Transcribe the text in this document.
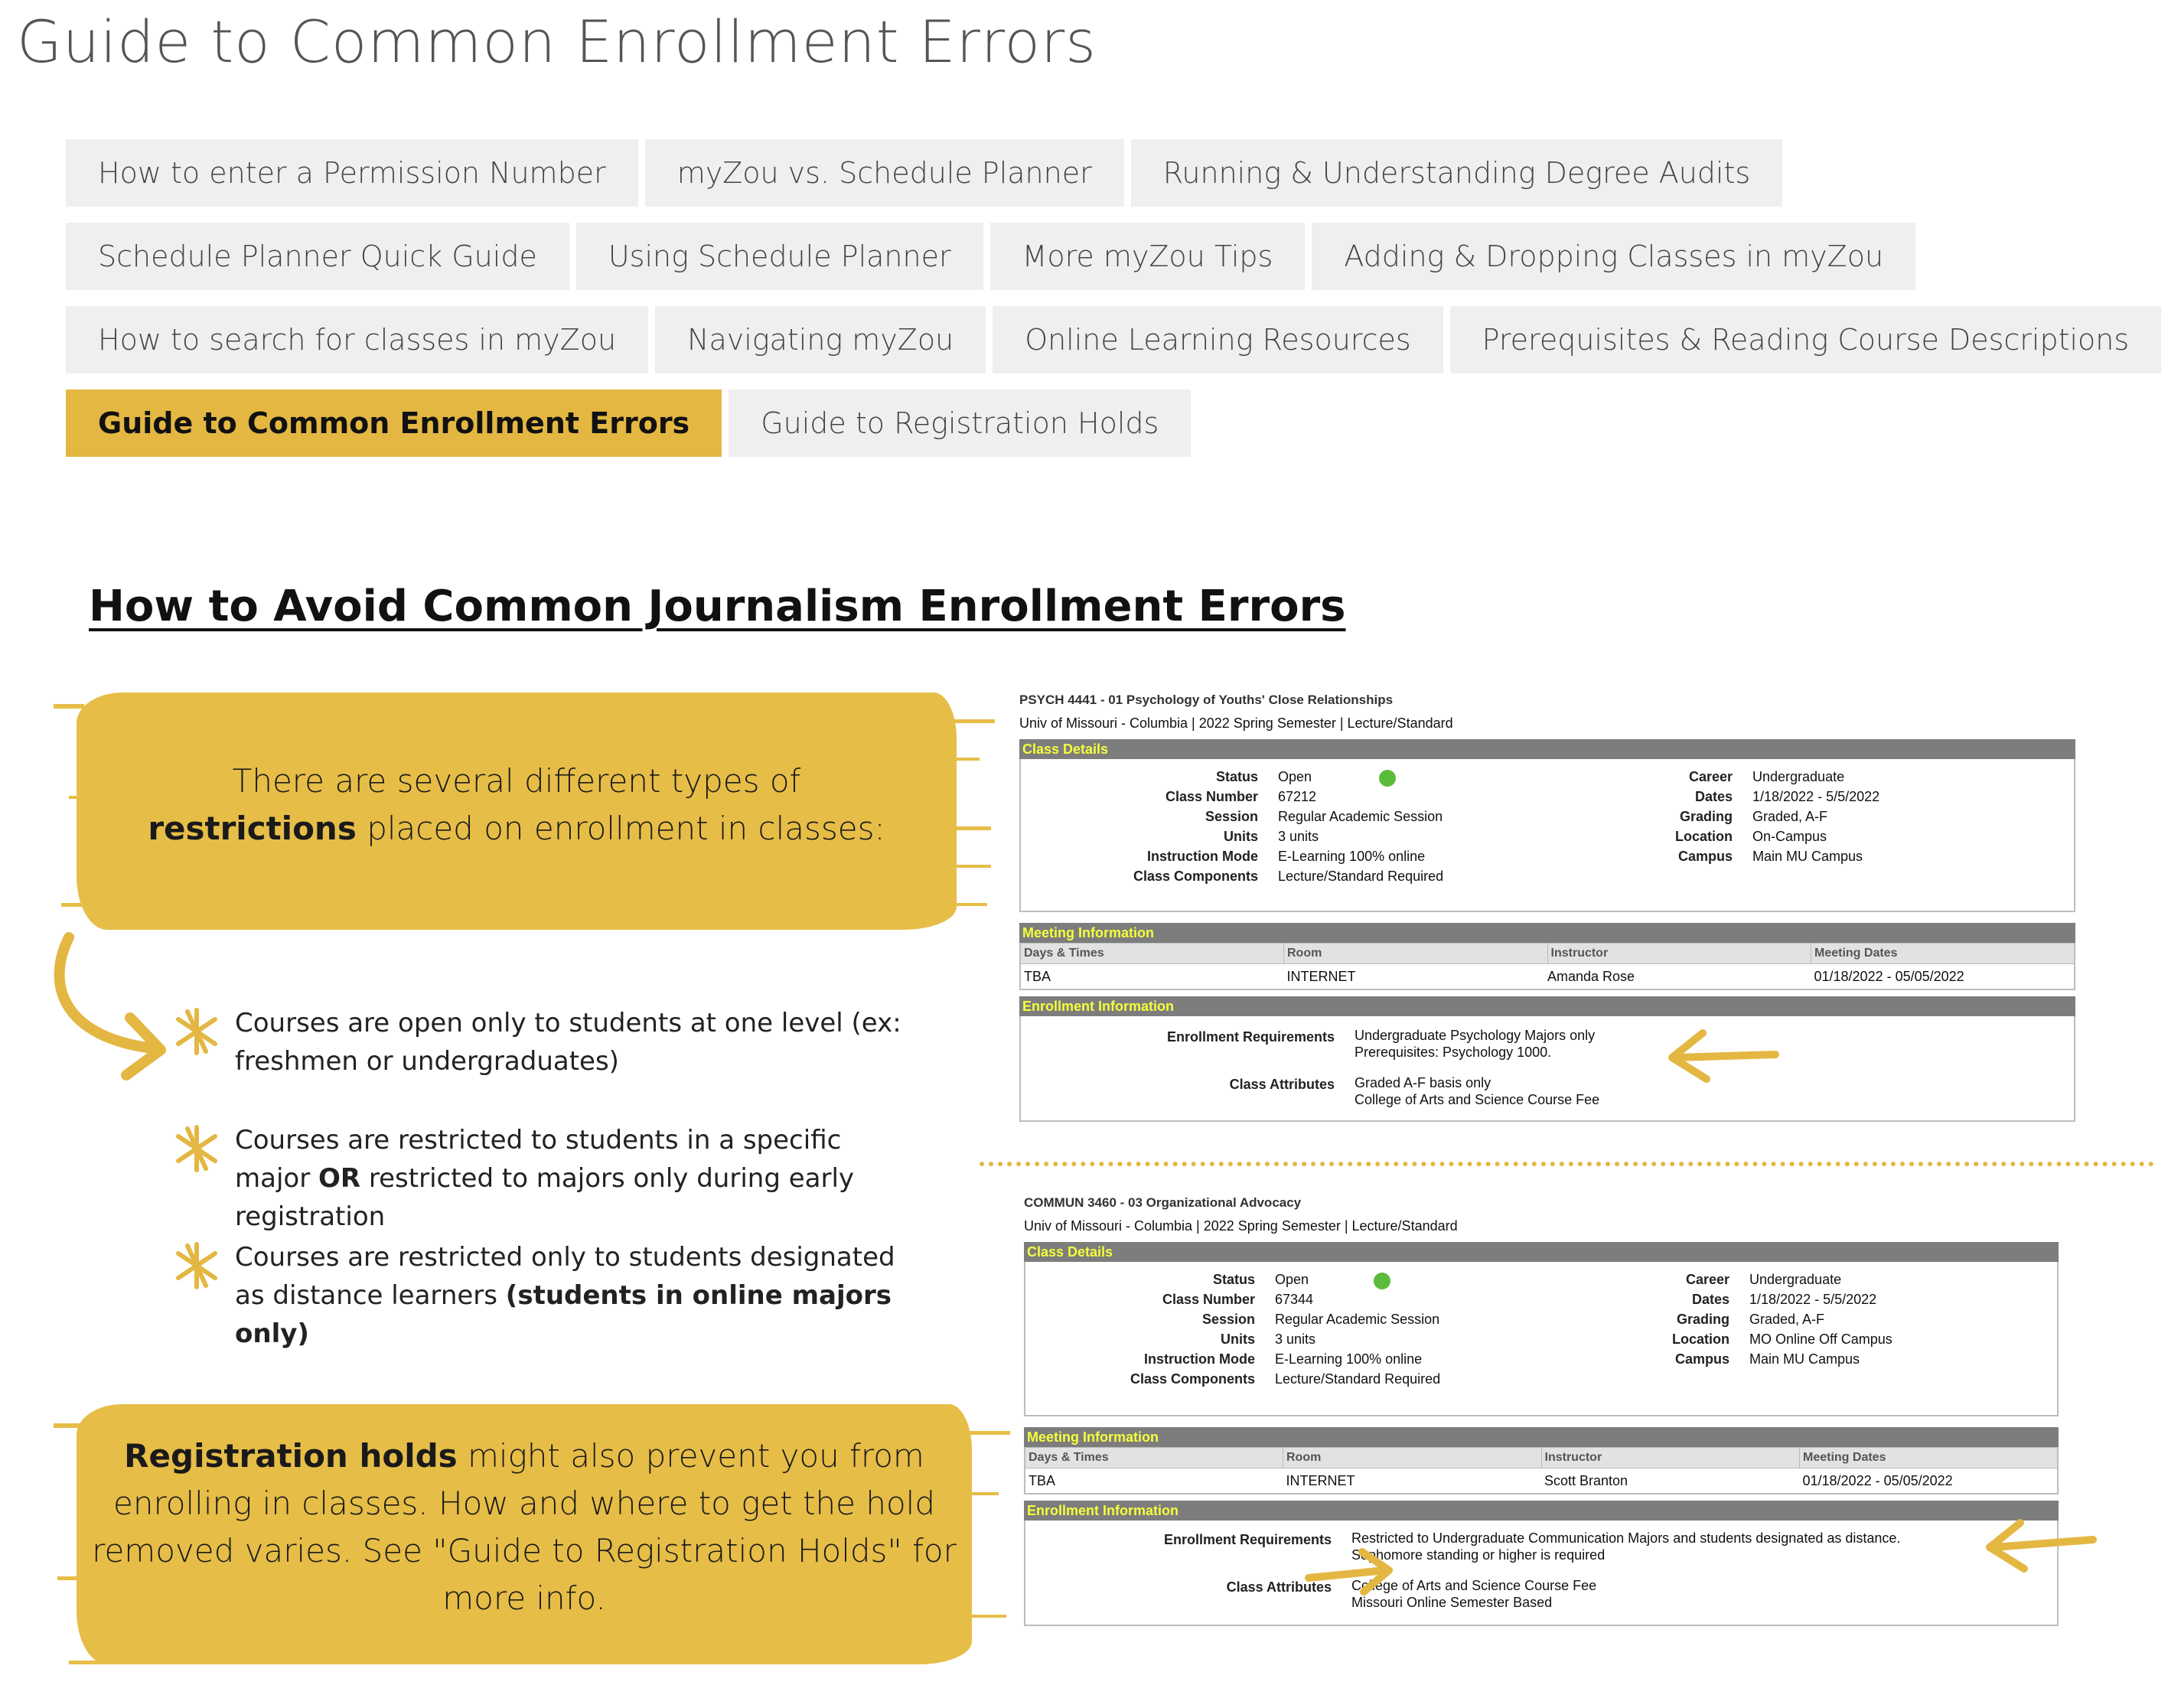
Guide to Common Enrollment Errors
How to enter a Permission Number	myZou vs. Schedule Planner	Running & Understanding Degree Audits
Schedule Planner Quick Guide	Using Schedule Planner	More myZou Tips	Adding & Dropping Classes in myZou
How to search for classes in myZou	Navigating myZou	Online Learning Resources	Prerequisites & Reading Course Descriptions
Guide to Common Enrollment Errors	Guide to Registration Holds
How to Avoid Common Journalism Enrollment Errors
There are several different types of
restrictions placed on enrollment in classes:
Courses are open only to students at one level (ex: freshmen or undergraduates)
Courses are restricted to students in a specific major OR restricted to majors only during early registration
Courses are restricted only to students designated as distance learners (students in online majors only)
Registration holds might also prevent you from
enrolling in classes. How and where to get the hold
removed varies. See "Guide to Registration Holds" for
more info.
PSYCH 4441 - 01 Psychology of Youths' Close Relationships
Univ of Missouri - Columbia | 2022 Spring Semester | Lecture/Standard
Class Details
Status	Open
Class Number	67212
Session	Regular Academic Session
Units	3 units
Instruction Mode	E-Learning 100% online
Class Components	Lecture/Standard Required
Career	Undergraduate
Dates	1/18/2022 - 5/5/2022
Grading	Graded, A-F
Location	On-Campus
Campus	Main MU Campus
Meeting Information
Days & Times	Room	Instructor	Meeting Dates
TBA	INTERNET	Amanda Rose	01/18/2022 - 05/05/2022
Enrollment Information
Enrollment Requirements	Undergraduate Psychology Majors only
Prerequisites: Psychology 1000.
Class Attributes	Graded A-F basis only
College of Arts and Science Course Fee
COMMUN 3460 - 03 Organizational Advocacy
Univ of Missouri - Columbia | 2022 Spring Semester | Lecture/Standard
Class Details
Status	Open
Class Number	67344
Session	Regular Academic Session
Units	3 units
Instruction Mode	E-Learning 100% online
Class Components	Lecture/Standard Required
Career	Undergraduate
Dates	1/18/2022 - 5/5/2022
Grading	Graded, A-F
Location	MO Online Off Campus
Campus	Main MU Campus
Meeting Information
Days & Times	Room	Instructor	Meeting Dates
TBA	INTERNET	Scott Branton	01/18/2022 - 05/05/2022
Enrollment Information
Enrollment Requirements	Restricted to Undergraduate Communication Majors and students designated as distance.
Sophomore standing or higher is required
Class Attributes	College of Arts and Science Course Fee
Missouri Online Semester Based
